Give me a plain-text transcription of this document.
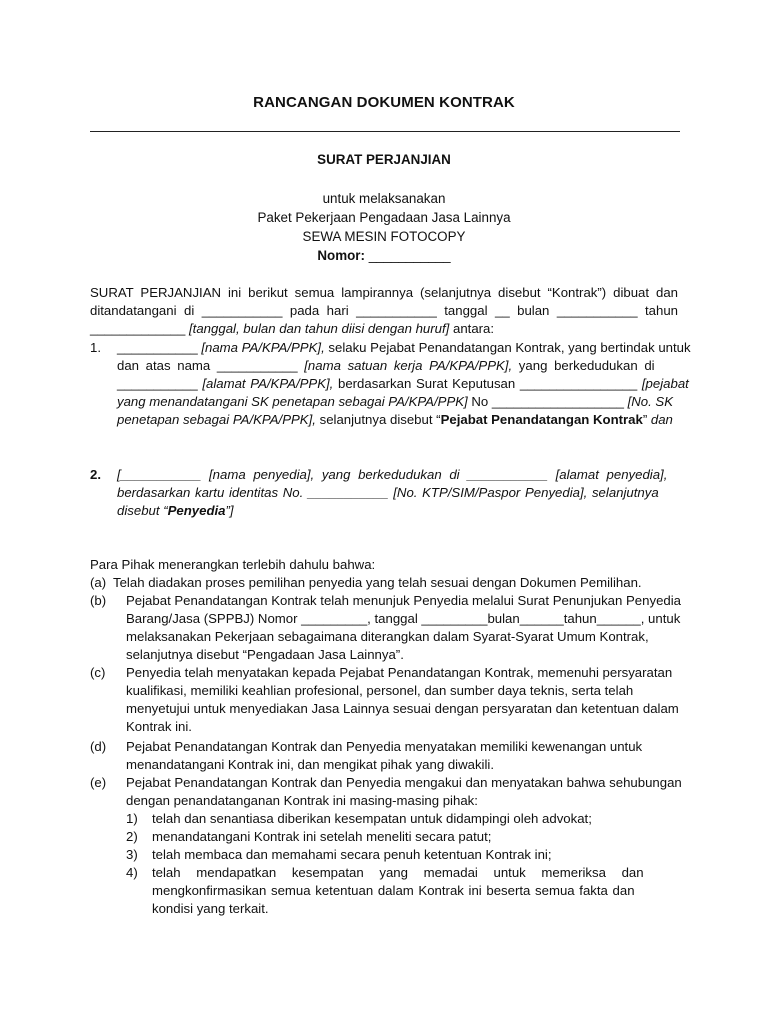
RANCANGAN DOKUMEN KONTRAK
SURAT PERJANJIAN
untuk melaksanakan
Paket Pekerjaan Pengadaan Jasa Lainnya
SEWA MESIN FOTOCOPY
Nomor: ___________
SURAT PERJANJIAN ini berikut semua lampirannya (selanjutnya disebut “Kontrak”) dibuat dan
ditandatangani di ___________ pada hari ___________ tanggal __ bulan ___________ tahun
_____________ [tanggal, bulan dan tahun diisi dengan huruf] antara:
1.	___________ [nama PA/KPA/PPK], selaku Pejabat Penandatangan Kontrak, yang bertindak untuk
dan atas nama ___________ [nama satuan kerja PA/KPA/PPK], yang berkedudukan di
___________ [alamat PA/KPA/PPK], berdasarkan Surat Keputusan ________________ [pejabat
yang menandatangani SK penetapan sebagai PA/KPA/PPK] No __________________ [No. SK
penetapan sebagai PA/KPA/PPK], selanjutnya disebut “Pejabat Penandatangan Kontrak” dan
2.	[___________ [nama penyedia], yang berkedudukan di ___________ [alamat penyedia],
berdasarkan kartu identitas No. ___________ [No. KTP/SIM/Paspor Penyedia], selanjutnya
disebut “Penyedia”]
Para Pihak menerangkan terlebih dahulu bahwa:
(a) Telah diadakan proses pemilihan penyedia yang telah sesuai dengan Dokumen Pemilihan.
(b)	Pejabat Penandatangan Kontrak telah menunjuk Penyedia melalui Surat Penunjukan Penyedia
Barang/Jasa (SPPBJ) Nomor _________, tanggal _________bulan______tahun______, untuk
melaksanakan Pekerjaan sebagaimana diterangkan dalam Syarat-Syarat Umum Kontrak,
selanjutnya disebut “Pengadaan Jasa Lainnya”.
(c)	Penyedia telah menyatakan kepada Pejabat Penandatangan Kontrak, memenuhi persyaratan
kualifikasi, memiliki keahlian profesional, personel, dan sumber daya teknis, serta telah
menyetujui untuk menyediakan Jasa Lainnya sesuai dengan persyaratan dan ketentuan dalam
Kontrak ini.
(d)	Pejabat Penandatangan Kontrak dan Penyedia menyatakan memiliki kewenangan untuk
menandatangani Kontrak ini, dan mengikat pihak yang diwakili.
(e)	Pejabat Penandatangan Kontrak dan Penyedia mengakui dan menyatakan bahwa sehubungan
dengan penandatanganan Kontrak ini masing-masing pihak:
1) telah dan senantiasa diberikan kesempatan untuk didampingi oleh advokat;
2) menandatangani Kontrak ini setelah meneliti secara patut;
3) telah membaca dan memahami secara penuh ketentuan Kontrak ini;
4) telah mendapatkan kesempatan yang memadai untuk memeriksa dan
mengkonfirmasikan semua ketentuan dalam Kontrak ini beserta semua fakta dan
kondisi yang terkait.
